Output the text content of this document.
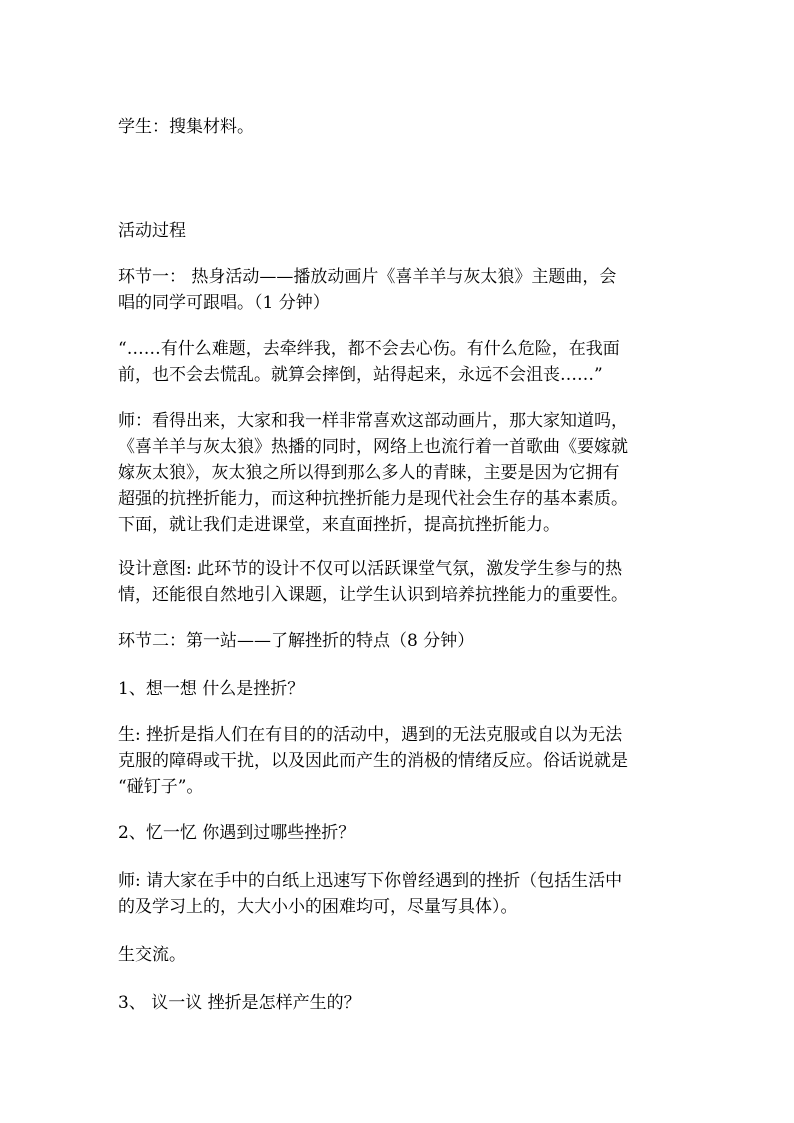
学生：搜集材料。

活动过程

环节一： 热身活动——播放动画片《喜羊羊与灰太狼》主题曲，会
唱的同学可跟唱。（1 分钟）

“……有什么难题，去牵绊我，都不会去心伤。有什么危险，在我面
前，也不会去慌乱。就算会摔倒，站得起来，永远不会沮丧……”

师：看得出来，大家和我一样非常喜欢这部动画片，那大家知道吗，
《喜羊羊与灰太狼》热播的同时，网络上也流行着一首歌曲《要嫁就
嫁灰太狼》，灰太狼之所以得到那么多人的青睐，主要是因为它拥有
超强的抗挫折能力，而这种抗挫折能力是现代社会生存的基本素质。
下面，就让我们走进课堂，来直面挫折，提高抗挫折能力。

设计意图: 此环节的设计不仅可以活跃课堂气氛，激发学生参与的热
情，还能很自然地引入课题，让学生认识到培养抗挫能力的重要性。

环节二：第一站——了解挫折的特点（8 分钟）

1、想一想 什么是挫折？

生: 挫折是指人们在有目的的活动中，遇到的无法克服或自以为无法
克服的障碍或干扰，以及因此而产生的消极的情绪反应。俗话说就是
“碰钉子”。

2、忆一忆 你遇到过哪些挫折？

师: 请大家在手中的白纸上迅速写下你曾经遇到的挫折（包括生活中
的及学习上的，大大小小的困难均可，尽量写具体）。

生交流。

3、 议一议 挫折是怎样产生的？
